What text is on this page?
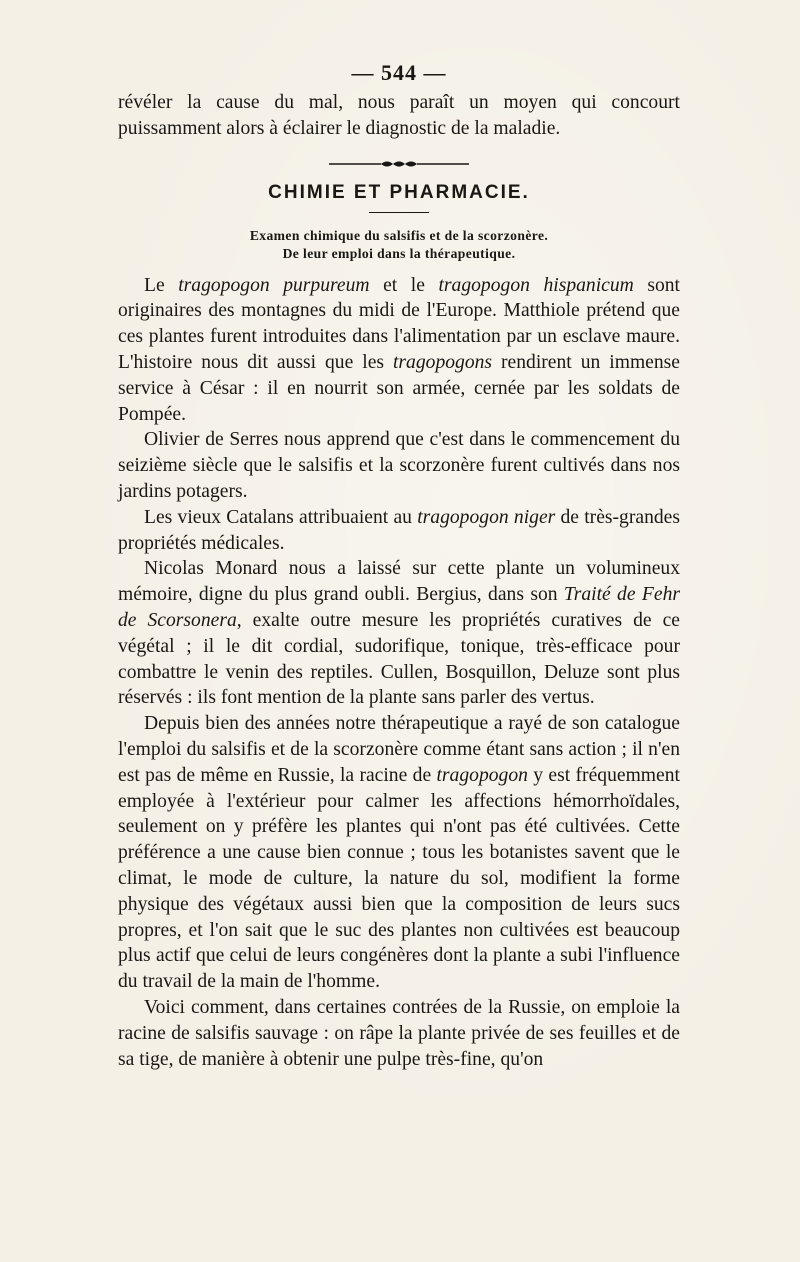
— 544 —

révéler la cause du mal, nous paraît un moyen qui concourt puissamment alors à éclairer le diagnostic de la maladie.

CHIMIE ET PHARMACIE.
Examen chimique du salsifis et de la scorzonère.
De leur emploi dans la thérapeutique.

Le tragopogon purpureum et le tragopogon hispanicum sont originaires des montagnes du midi de l'Europe. Matthiole prétend que ces plantes furent introduites dans l'alimentation par un esclave maure. L'histoire nous dit aussi que les tragopogons rendirent un immense service à César : il en nourrit son armée, cernée par les soldats de Pompée.

Olivier de Serres nous apprend que c'est dans le commencement du seizième siècle que le salsifis et la scorzonère furent cultivés dans nos jardins potagers.

Les vieux Catalans attribuaient au tragopogon niger de très-grandes propriétés médicales.

Nicolas Monard nous a laissé sur cette plante un volumineux mémoire, digne du plus grand oubli. Bergius, dans son Traité de Fehr de Scorsonera, exalte outre mesure les propriétés curatives de ce végétal ; il le dit cordial, sudorifique, tonique, très-efficace pour combattre le venin des reptiles. Cullen, Bosquillon, Deluze sont plus réservés : ils font mention de la plante sans parler des vertus.

Depuis bien des années notre thérapeutique a rayé de son catalogue l'emploi du salsifis et de la scorzonère comme étant sans action ; il n'en est pas de même en Russie, la racine de tragopogon y est fréquemment employée à l'extérieur pour calmer les affections hémorrhoïdales, seulement on y préfère les plantes qui n'ont pas été cultivées. Cette préférence a une cause bien connue ; tous les botanistes savent que le climat, le mode de culture, la nature du sol, modifient la forme physique des végétaux aussi bien que la composition de leurs sucs propres, et l'on sait que le suc des plantes non cultivées est beaucoup plus actif que celui de leurs congénères dont la plante a subi l'influence du travail de la main de l'homme.

Voici comment, dans certaines contrées de la Russie, on emploie la racine de salsifis sauvage : on râpe la plante privée de ses feuilles et de sa tige, de manière à obtenir une pulpe très-fine, qu'on
